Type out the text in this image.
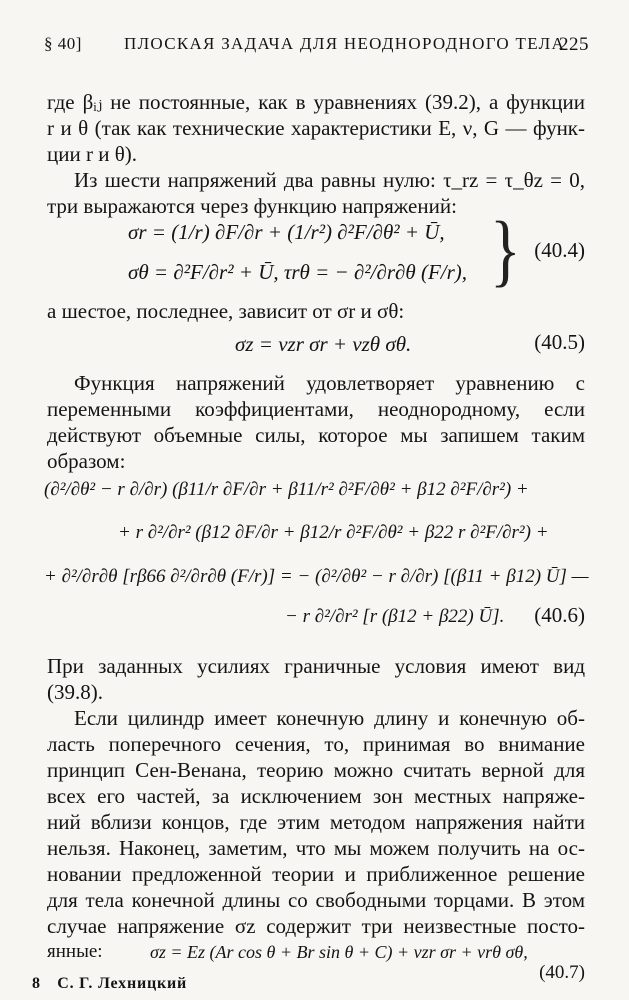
§ 40] ПЛОСКАЯ ЗАДАЧА ДЛЯ НЕОДНОРОДНОГО ТЕЛА
225
где βᵢⱼ не постоянные, как в уравнениях (39.2), а функции
r и θ (так как технические характеристики E, ν, G — функ-
ции r и θ).
Из шести напряжений два равны нулю: τ_rz = τ_θz = 0,
три выражаются через функцию напряжений:
σr = (1/r) ∂F/∂r + (1/r²) ∂²F/∂θ² + Ū,
σθ = ∂²F/∂r² + Ū, τrθ = − ∂²/∂r∂θ (F/r), } (40.4)
а шестое, последнее, зависит от σr и σθ:
σz = νzr σr + νzθ σθ.	(40.5)
Функция напряжений удовлетворяет уравнению с
переменными коэффициентами, неоднородному, если
действуют объемные силы, которое мы запишем таким
образом:
(∂²/∂θ² − r ∂/∂r) (β11/r ∂F/∂r + β11/r² ∂²F/∂θ² + β12 ∂²F/∂r²) +
+ r ∂²/∂r² (β12 ∂F/∂r + β12/r ∂²F/∂θ² + β22 r ∂²F/∂r²) +
+ ∂²/∂r∂θ [rβ66 ∂²/∂r∂θ (F/r)] = − (∂²/∂θ² − r ∂/∂r) [(β11 + β12) Ū] —
− r ∂²/∂r² [r (β12 + β22) Ū]. (40.6)
При заданных усилиях граничные условия имеют вид
(39.8).
Если цилиндр имеет конечную длину и конечную об-
ласть поперечного сечения, то, принимая во внимание
принцип Сен-Венана, теорию можно считать верной для
всех его частей, за исключением зон местных напряже-
ний вблизи концов, где этим методом напряжения найти
нельзя. Наконец, заметим, что мы можем получить на ос-
новании предложенной теории и приближенное решение
для тела конечной длины со свободными торцами. В этом
случае напряжение σz содержит три неизвестные посто-
янные:	σz = Ez (Ar cos θ + Br sin θ + C) + νzr σr + νrθ σθ,
(40.7)
8 С. Г. Лехницкий
